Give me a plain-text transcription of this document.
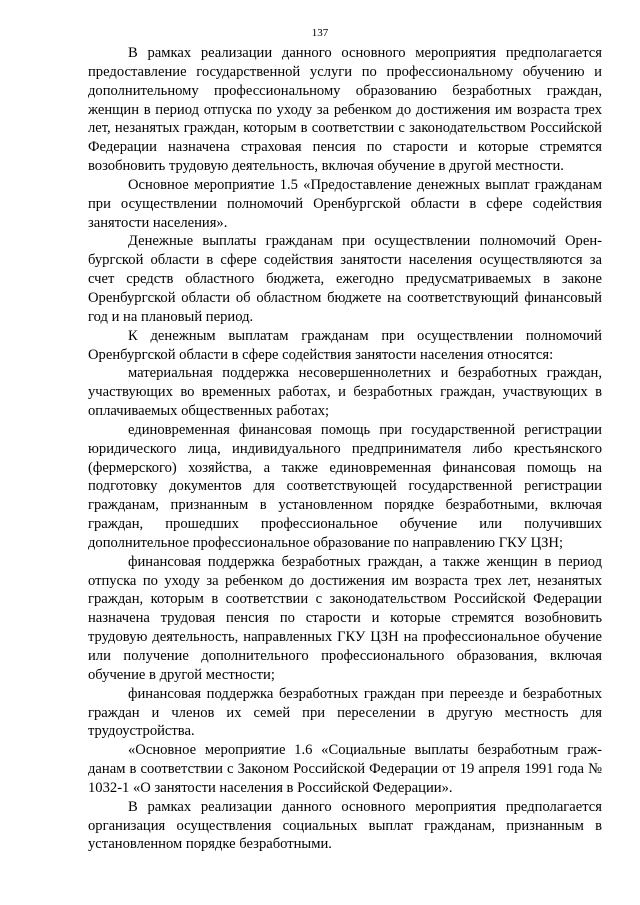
137

В рамках реализации данного основного мероприятия предполагается предоставление государственной услуги по профессиональному обучению и дополнительному профессиональному образованию безработных граждан, женщин в период отпуска по уходу за ребенком до достижения им возраста трех лет, незанятых граждан, которым в соответствии с законодательством Российской Федерации назначена страховая пенсия по старости и которые стремятся возобновить трудовую деятельность, включая обучение в другой местности.

Основное мероприятие 1.5 «Предоставление денежных выплат гражданам при осуществлении полномочий Оренбургской области в сфере содействия занятости населения».

Денежные выплаты гражданам при осуществлении полномочий Оренбургской области в сфере содействия занятости населения осуществляются за счет средств областного бюджета, ежегодно предусматриваемых в законе Оренбургской области об областном бюджете на соответствующий финансовый год и на плановый период.

К денежным выплатам гражданам при осуществлении полномочий Оренбургской области в сфере содействия занятости населения относятся:

материальная поддержка несовершеннолетних и безработных граждан, участвующих во временных работах, и безработных граждан, участвующих в оплачиваемых общественных работах;

единовременная финансовая помощь при государственной регистрации юридического лица, индивидуального предпринимателя либо крестьянского (фермерского) хозяйства, а также единовременная финансовая помощь на подготовку документов для соответствующей государственной регистрации гражданам, признанным в установленном порядке безработными, включая граждан, прошедших профессиональное обучение или получивших дополнительное профессиональное образование по направлению ГКУ ЦЗН;

финансовая поддержка безработных граждан, а также женщин в период отпуска по уходу за ребенком до достижения им возраста трех лет, незанятых граждан, которым в соответствии с законодательством Российской Федерации назначена трудовая пенсия по старости и которые стремятся возобновить трудовую деятельность, направленных ГКУ ЦЗН на профессиональное обучение или получение дополнительного профессионального образования, включая обучение в другой местности;

финансовая поддержка безработных граждан при переезде и безработных граждан и членов их семей при переселении в другую местность для трудоустройства.

«Основное мероприятие 1.6 «Социальные выплаты безработным гражданам в соответствии с Законом Российской Федерации от 19 апреля 1991 года № 1032-1 «О занятости населения в Российской Федерации».

В рамках реализации данного основного мероприятия предполагается организация осуществления социальных выплат гражданам, признанным в установленном порядке безработными.
